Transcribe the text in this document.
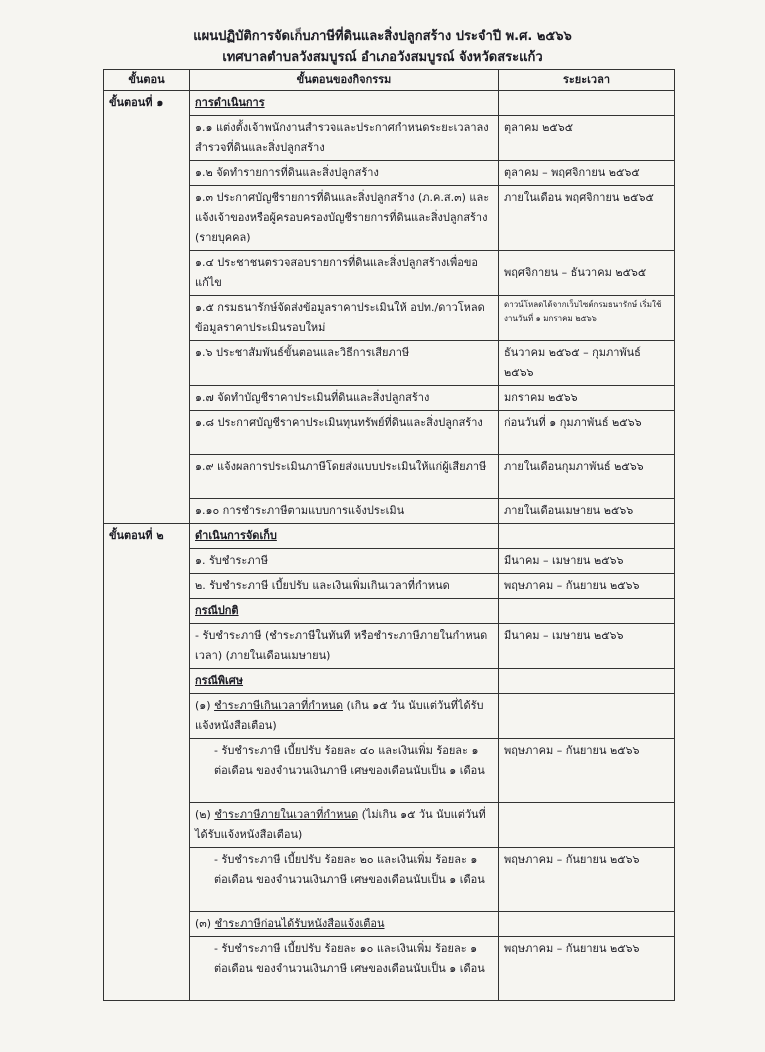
แผนปฏิบัติการจัดเก็บภาษีที่ดินและสิ่งปลูกสร้าง ประจำปี พ.ศ. ๒๕๖๖
เทศบาลตำบลวังสมบูรณ์ อำเภอวังสมบูรณ์ จังหวัดสระแก้ว
ขั้นตอน	ขั้นตอนของกิจกรรม	ระยะเวลา
ขั้นตอนที่ ๑	การดำเนินการ	
	๑.๑ แต่งตั้งเจ้าพนักงานสำรวจและประกาศกำหนดระยะเวลาลงสำรวจที่ดินและสิ่งปลูกสร้าง	ตุลาคม ๒๕๖๕
	๑.๒ จัดทำรายการที่ดินและสิ่งปลูกสร้าง	ตุลาคม – พฤศจิกายน ๒๕๖๕
	๑.๓ ประกาศบัญชีรายการที่ดินและสิ่งปลูกสร้าง (ภ.ค.ส.๓) และแจ้งเจ้าของหรือผู้ครอบครองบัญชีรายการที่ดินและสิ่งปลูกสร้าง (รายบุคคล)	ภายในเดือน พฤศจิกายน ๒๕๖๕
	๑.๔ ประชาชนตรวจสอบรายการที่ดินและสิ่งปลูกสร้างเพื่อขอแก้ไข	พฤศจิกายน – ธันวาคม ๒๕๖๕
	๑.๕ กรมธนารักษ์จัดส่งข้อมูลราคาประเมินให้ อปท./ดาวโหลดข้อมูลราคาประเมินรอบใหม่	ดาวน์โหลดได้จากเว็บไซต์กรมธนารักษ์ เริ่มใช้งานวันที่ ๑ มกราคม ๒๕๖๖
	๑.๖ ประชาสัมพันธ์ขั้นตอนและวิธีการเสียภาษี	ธันวาคม ๒๕๖๕ – กุมภาพันธ์ ๒๕๖๖
	๑.๗ จัดทำบัญชีราคาประเมินที่ดินและสิ่งปลูกสร้าง	มกราคม ๒๕๖๖
	๑.๘ ประกาศบัญชีราคาประเมินทุนทรัพย์ที่ดินและสิ่งปลูกสร้าง	ก่อนวันที่ ๑ กุมภาพันธ์ ๒๕๖๖
	๑.๙ แจ้งผลการประเมินภาษีโดยส่งแบบประเมินให้แก่ผู้เสียภาษี	ภายในเดือนกุมภาพันธ์ ๒๕๖๖
	๑.๑๐ การชำระภาษีตามแบบการแจ้งประเมิน	ภายในเดือนเมษายน ๒๕๖๖
ขั้นตอนที่ ๒	ดำเนินการจัดเก็บ	
	๑. รับชำระภาษี	มีนาคม – เมษายน ๒๕๖๖
	๒. รับชำระภาษี เบี้ยปรับ และเงินเพิ่มเกินเวลาที่กำหนด	พฤษภาคม – กันยายน ๒๕๖๖
	กรณีปกติ	
	- รับชำระภาษี (ชำระภาษีในทันที หรือชำระภาษีภายในกำหนดเวลา) (ภายในเดือนเมษายน)	มีนาคม – เมษายน ๒๕๖๖
	กรณีพิเศษ	
	(๑) ชำระภาษีเกินเวลาที่กำหนด (เกิน ๑๕ วัน นับแต่วันที่ได้รับแจ้งหนังสือเตือน)	
	- รับชำระภาษี เบี้ยปรับ ร้อยละ ๔๐ และเงินเพิ่ม ร้อยละ ๑ ต่อเดือน ของจำนวนเงินภาษี เศษของเดือนนับเป็น ๑ เดือน	พฤษภาคม – กันยายน ๒๕๖๖
	(๒) ชำระภาษีภายในเวลาที่กำหนด (ไม่เกิน ๑๕ วัน นับแต่วันที่ได้รับแจ้งหนังสือเตือน)	
	- รับชำระภาษี เบี้ยปรับ ร้อยละ ๒๐ และเงินเพิ่ม ร้อยละ ๑ ต่อเดือน ของจำนวนเงินภาษี เศษของเดือนนับเป็น ๑ เดือน	พฤษภาคม – กันยายน ๒๕๖๖
	(๓) ชำระภาษีก่อนได้รับหนังสือแจ้งเตือน	
	- รับชำระภาษี เบี้ยปรับ ร้อยละ ๑๐ และเงินเพิ่ม ร้อยละ ๑ ต่อเดือน ของจำนวนเงินภาษี เศษของเดือนนับเป็น ๑ เดือน	พฤษภาคม – กันยายน ๒๕๖๖
